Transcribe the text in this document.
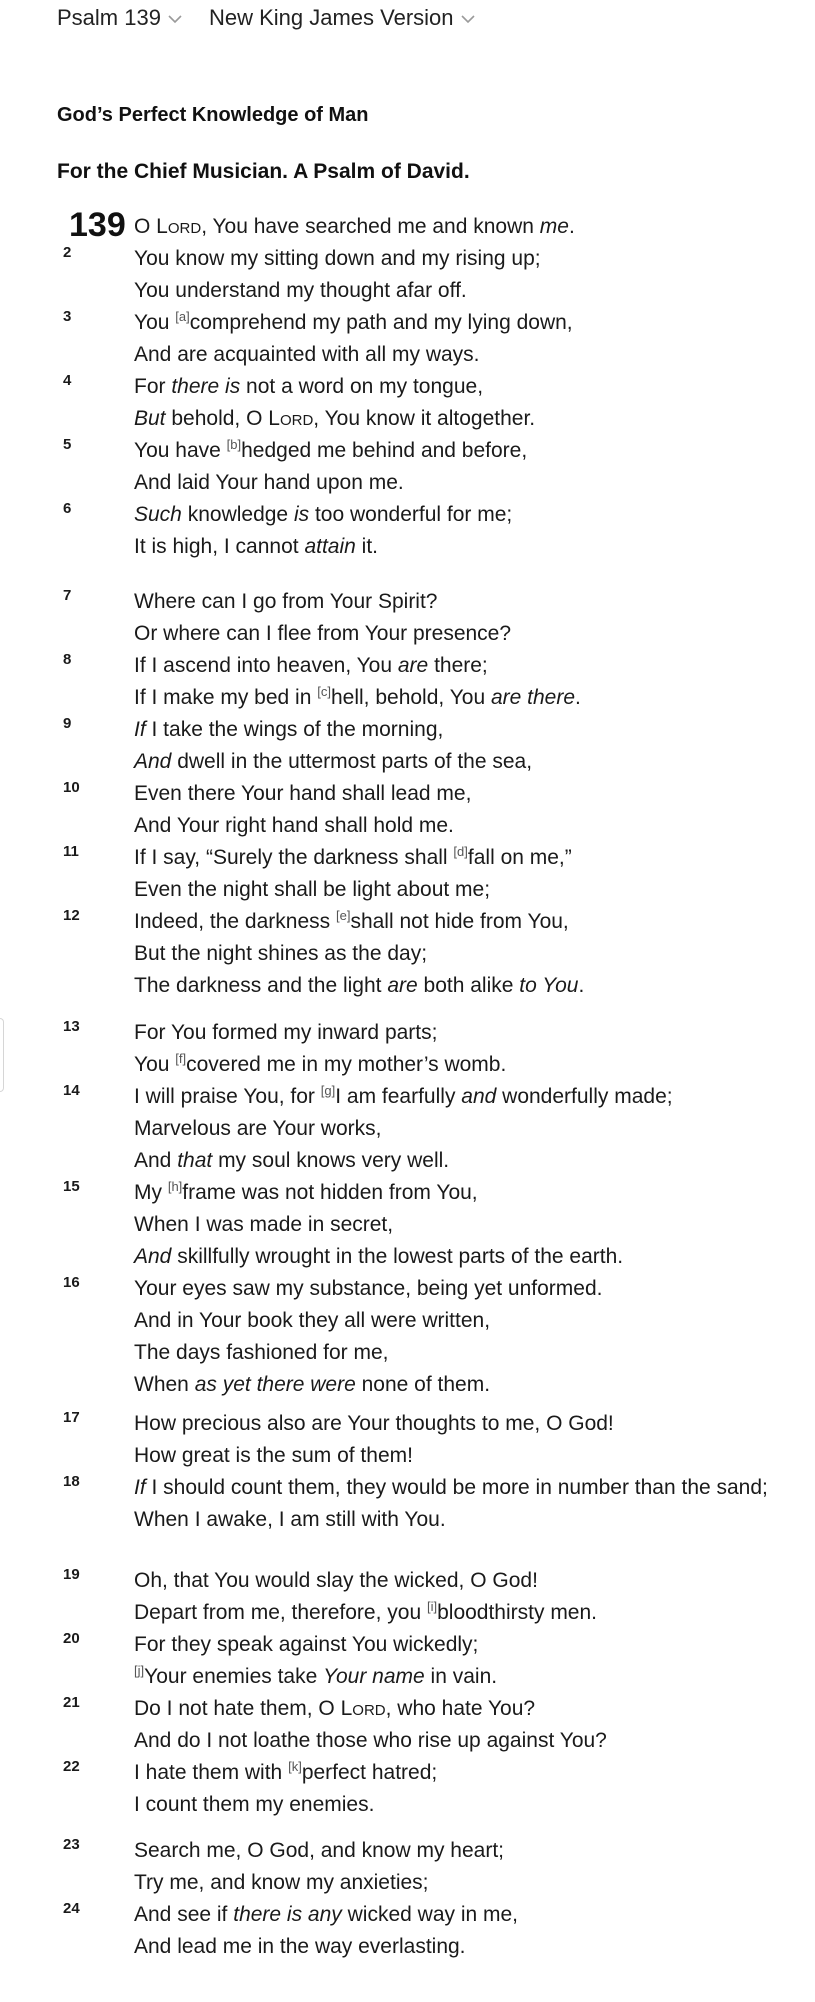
Psalm 139 New King James Version
God’s Perfect Knowledge of Man
For the Chief Musician. A Psalm of David.
139
2
O Lord, You have searched me and known me.
You know my sitting down and my rising up;
You understand my thought afar off.
3	You [a]comprehend my path and my lying down,
And are acquainted with all my ways.
4	For there is not a word on my tongue,
But behold, O Lord, You know it altogether.
5	You have [b]hedged me behind and before,
And laid Your hand upon me.
6	Such knowledge is too wonderful for me;
It is high, I cannot attain it.
7	Where can I go from Your Spirit?
Or where can I flee from Your presence?
8	If I ascend into heaven, You are there;
If I make my bed in [c]hell, behold, You are there.
9	If I take the wings of the morning,
And dwell in the uttermost parts of the sea,
10	Even there Your hand shall lead me,
And Your right hand shall hold me.
11	If I say, “Surely the darkness shall [d]fall on me,”
Even the night shall be light about me;
12	Indeed, the darkness [e]shall not hide from You,
But the night shines as the day;
The darkness and the light are both alike to You.
13	For You formed my inward parts;
You [f]covered me in my mother’s womb.
14	I will praise You, for [g]I am fearfully and wonderfully made;
Marvelous are Your works,
And that my soul knows very well.
15	My [h]frame was not hidden from You,
When I was made in secret,
And skillfully wrought in the lowest parts of the earth.
16	Your eyes saw my substance, being yet unformed.
And in Your book they all were written,
The days fashioned for me,
When as yet there were none of them.
17	How precious also are Your thoughts to me, O God!
How great is the sum of them!
18	If I should count them, they would be more in number than the sand;
When I awake, I am still with You.
19	Oh, that You would slay the wicked, O God!
Depart from me, therefore, you [i]bloodthirsty men.
20	For they speak against You wickedly;
[j]Your enemies take Your name in vain.
21	Do I not hate them, O Lord, who hate You?
And do I not loathe those who rise up against You?
22	I hate them with [k]perfect hatred;
I count them my enemies.
23	Search me, O God, and know my heart;
Try me, and know my anxieties;
24	And see if there is any wicked way in me,
And lead me in the way everlasting.
